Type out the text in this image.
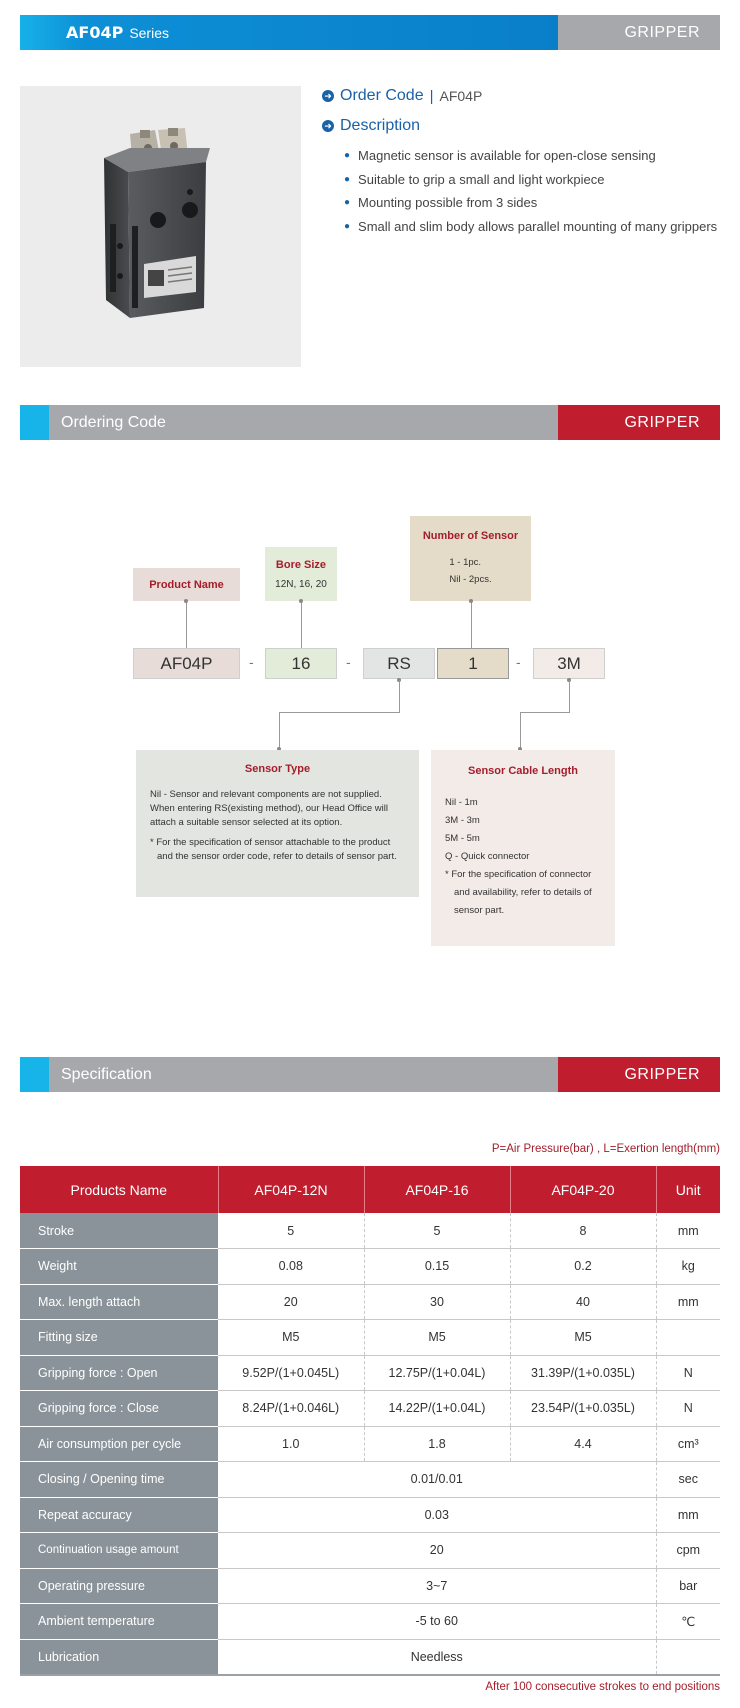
AF04P Series	GRIPPER
➜ Order Code | AF04P
➜ Description
● Magnetic sensor is available for open-close sensing
● Suitable to grip a small and light workpiece
● Mounting possible from 3 sides
● Small and slim body allows parallel mounting of many grippers
Ordering Code	GRIPPER
Product Name
Bore Size
12N, 16, 20
Number of Sensor
1 - 1pc.
Nil - 2pcs.
AF04P	-	16	-	RS	1	-	3M
Sensor Type
Nil - Sensor and relevant components are not supplied.
When entering RS(existing method), our Head Office will
attach a suitable sensor selected at its option.
* For the specification of sensor attachable to the product
and the sensor order code, refer to details of sensor part.
Sensor Cable Length
Nil - 1m
3M - 3m
5M - 5m
Q - Quick connector
* For the specification of connector
and availability, refer to details of
sensor part.
Specification	GRIPPER
P=Air Pressure(bar) , L=Exertion length(mm)
Products Name	AF04P-12N	AF04P-16	AF04P-20	Unit
Stroke	5	5	8	mm
Weight	0.08	0.15	0.2	kg
Max. length attach	20	30	40	mm
Fitting size	M5	M5	M5	
Gripping force : Open	9.52P/(1+0.045L)	12.75P/(1+0.04L)	31.39P/(1+0.035L)	N
Gripping force : Close	8.24P/(1+0.046L)	14.22P/(1+0.04L)	23.54P/(1+0.035L)	N
Air consumption per cycle	1.0	1.8	4.4	cm³
Closing / Opening time	0.01/0.01			sec
Repeat accuracy	0.03			mm
Continuation usage amount	20			cpm
Operating pressure	3~7			bar
Ambient temperature	-5 to 60			℃
Lubrication	Needless			
After 100 consecutive strokes to end positions
